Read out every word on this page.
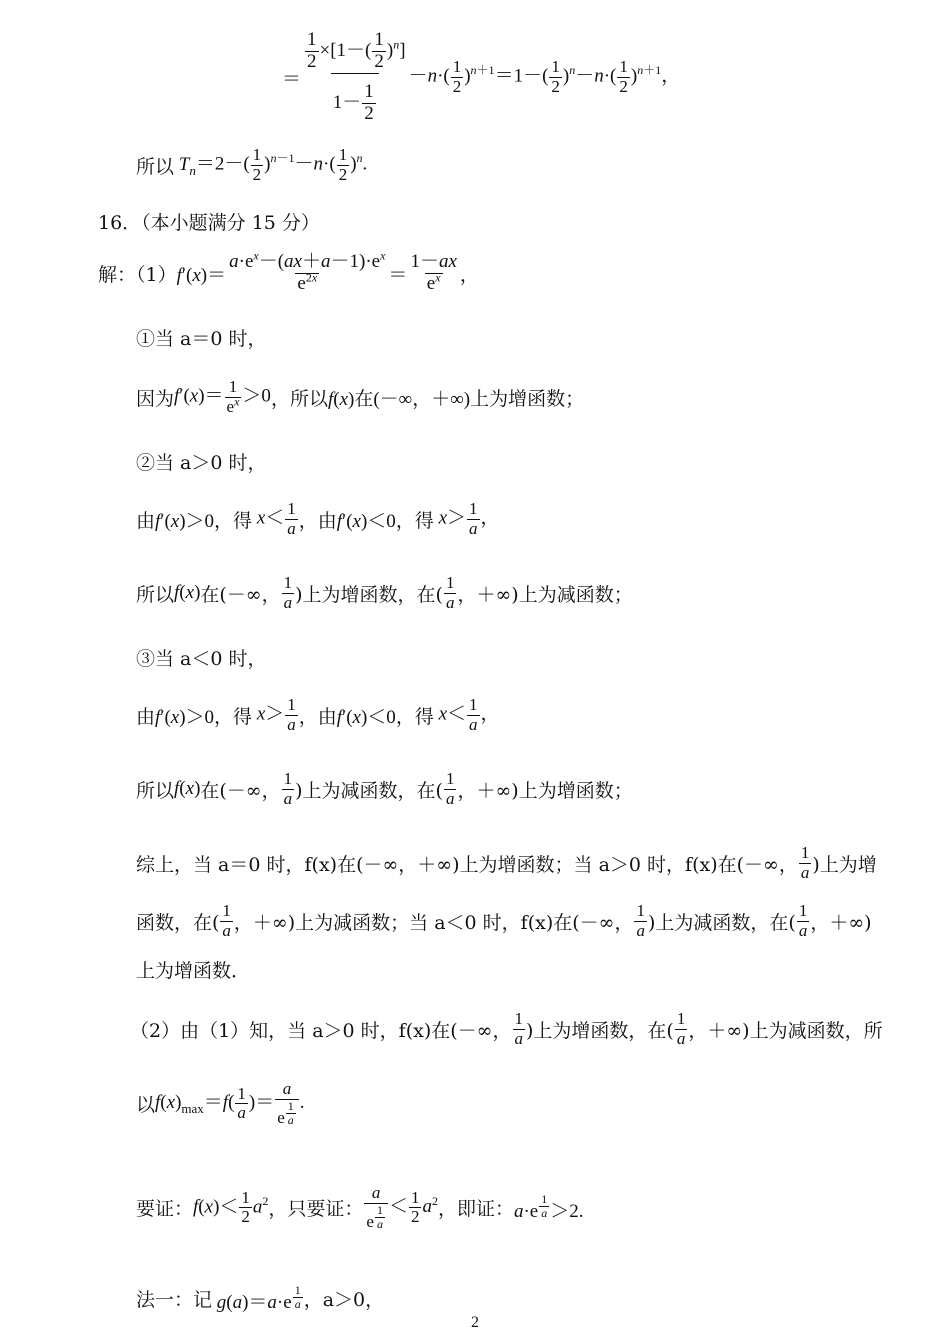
＝ $\frac{\frac{1}{2} \times[1-( \frac{1}{2} )^n]}{1- \frac{1}{2}} -n\cdot( \frac{1}{2} )^{n+1}=1-( \frac{1}{2} )^n-n\cdot( \frac{1}{2} )^{n+1}$，
所以 $T_n=2-( \frac{1}{2} )^{n-1}-n\cdot( \frac{1}{2} )^n$.
16．（本小题满分 15 分）
解：（1） $f'(x)= \frac{a\cdot e^x-(ax+a-1)\cdot e^x}{e^{2x}} = \frac{1-ax}{e^x}$ ，
①当 a＝0 时，
因为 $f'(x)= \frac{1}{e^x} >0$ ，所以 f(x)在(－∞，＋∞) 上为增函数；
②当 a＞0 时，
由 f′(x)＞0 ，得 $x< \frac{1}{a}$ ，由 f′(x)＜0 ，得 $x> \frac{1}{a}$ ，
所以 f(x) 在(－∞， $\frac{1}{a}$ )上为增函数，在( $\frac{1}{a}$ ，＋∞)上为减函数；
③当 a＜0 时，
由 f′(x)＞0 ，得 $x> \frac{1}{a}$ ，由 f′(x)＜0 ，得 $x< \frac{1}{a}$ ，
所以 f(x) 在(－∞， $\frac{1}{a}$ )上为减函数，在( $\frac{1}{a}$ ，＋∞)上为增函数；
综上，当 a＝0 时，f(x)在(－∞，＋∞)上为增函数；当 a＞0 时，f(x)在(－∞， $\frac{1}{a}$ )上为增
函数，在( $\frac{1}{a}$ ，＋∞)上为减函数；当 a＜0 时，f(x)在(－∞， $\frac{1}{a}$ )上为减函数，在( $\frac{1}{a}$ ，＋∞)
上为增函数．
（2）由（1）知，当 a＞0 时，f(x)在(－∞， $\frac{1}{a}$ )上为增函数，在( $\frac{1}{a}$ ，＋∞)上为减函数，所
以 $f(x)_{max}=f( \frac{1}{a}$ )＝ a
e $^{\frac{1}{a}}$ .
要证： $f(x)< \frac{1}{2} a^2$ ，只要证： a
e $^{\frac{1}{a}} < \frac{1}{2} a^2$ ，即证： a·e $^{\frac{1}{a}}$ ＞2.
法一：记 g(a)＝a·e $^{\frac{1}{a}}$ ，a＞0，
2
